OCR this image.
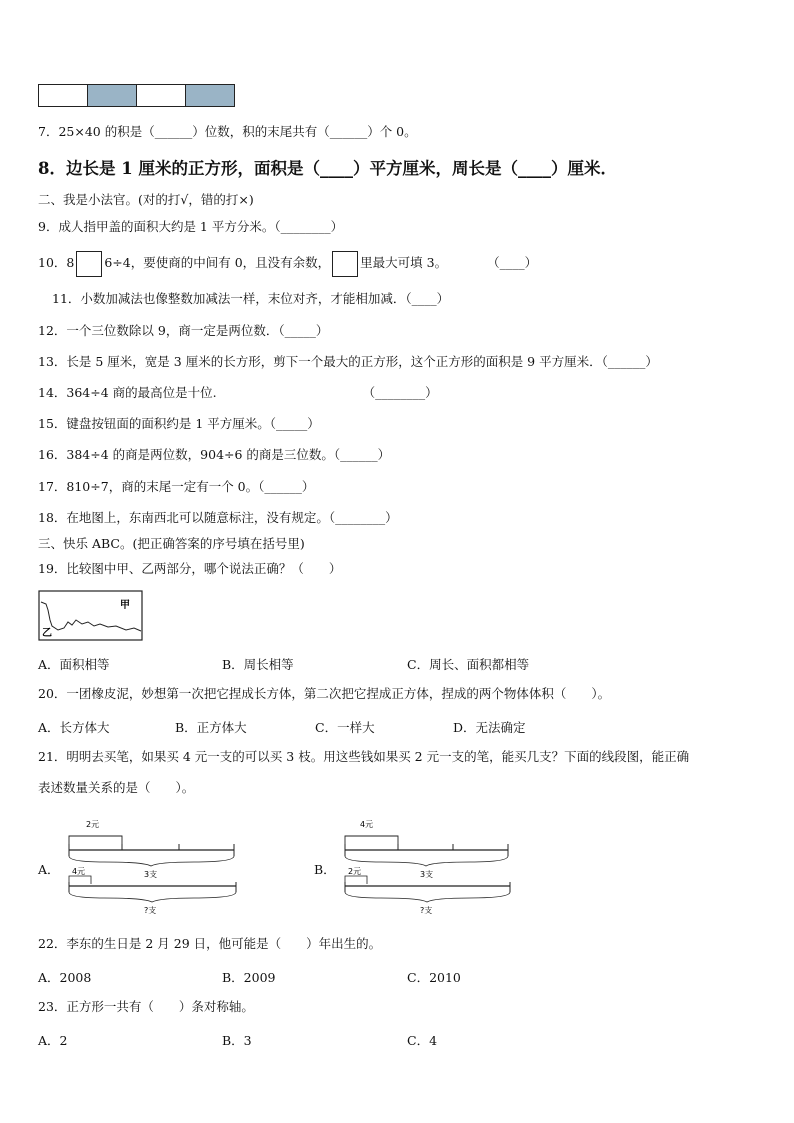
7．25×40 的积是（______）位数，积的末尾共有（______）个 0。
8．边长是 1 厘米的正方形，面积是（____）平方厘米，周长是（____）厘米．
二、我是小法官。(对的打√，错的打×)
9．成人指甲盖的面积大约是 1 平方分米。（________）
10．8 6÷4，要使商的中间有 0，且没有余数， 里最大可填 3。	（____）
11．小数加减法也像整数加减法一样，末位对齐，才能相加减．（____）
12．一个三位数除以 9，商一定是两位数．（_____）
13．长是 5 厘米，宽是 3 厘米的长方形，剪下一个最大的正方形，这个正方形的面积是 9 平方厘米．（______）
14．364÷4 商的最高位是十位.	（________）
15．键盘按钮面的面积约是 1 平方厘米。（_____）
16．384÷4 的商是两位数，904÷6 的商是三位数。（______）
17．810÷7，商的末尾一定有一个 0。（______）
18．在地图上，东南西北可以随意标注，没有规定。（________）
三、快乐 ABC。(把正确答案的序号填在括号里)
19．比较图中甲、乙两部分，哪个说法正确？（　　）
甲
乙
A．面积相等	B．周长相等	C．周长、面积都相等
20．一团橡皮泥，妙想第一次把它捏成长方体，第二次把它捏成正方体，捏成的两个物体体积（　　）。
A．长方体大	B．正方体大	C．一样大	D．无法确定
21．明明去买笔，如果买 4 元一支的可以买 3 枝。用这些钱如果买 2 元一支的笔，能买几支？下面的线段图，能正确
表述数量关系的是（　　）。
A．
2元
3支
4元
?支
B．
4元
3支
2元
?支
22．李东的生日是 2 月 29 日，他可能是（　　）年出生的。
A．2008	B．2009	C．2010
23．正方形一共有（　　）条对称轴。
A．2	B．3	C．4
